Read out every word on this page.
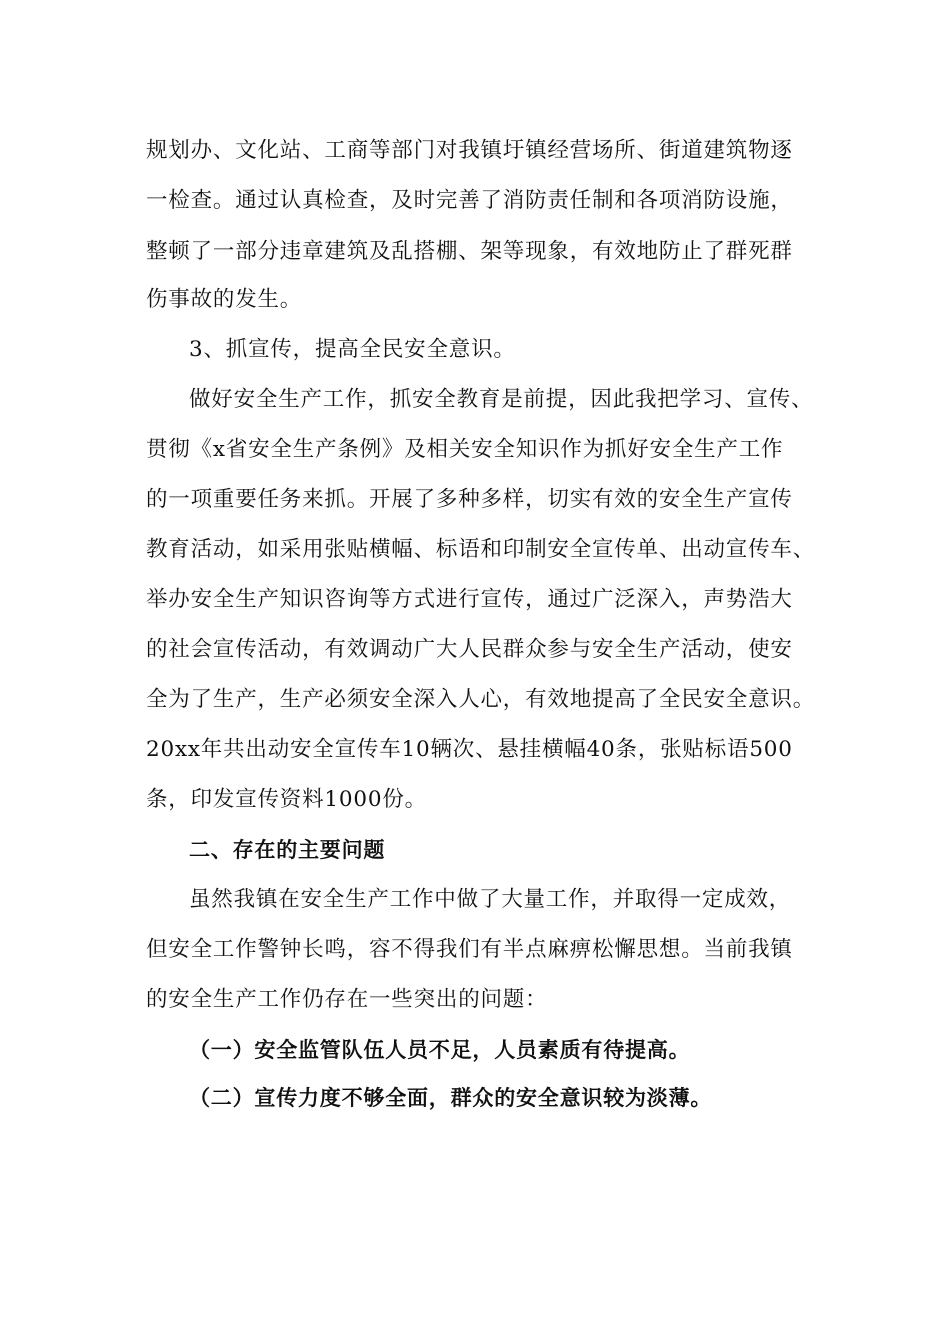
规划办、文化站、工商等部门对我镇圩镇经营场所、街道建筑物逐
一检查。通过认真检查，及时完善了消防责任制和各项消防设施，
整顿了一部分违章建筑及乱搭棚、架等现象，有效地防止了群死群
伤事故的发生。
3、抓宣传，提高全民安全意识。
做好安全生产工作，抓安全教育是前提，因此我把学习、宣传、
贯彻《x省安全生产条例》及相关安全知识作为抓好安全生产工作
的一项重要任务来抓。开展了多种多样，切实有效的安全生产宣传
教育活动，如采用张贴横幅、标语和印制安全宣传单、出动宣传车、
举办安全生产知识咨询等方式进行宣传，通过广泛深入，声势浩大
的社会宣传活动，有效调动广大人民群众参与安全生产活动，使安
全为了生产，生产必须安全深入人心，有效地提高了全民安全意识。
20xx年共出动安全宣传车10辆次、悬挂横幅40条，张贴标语500
条，印发宣传资料1000份。
二、存在的主要问题
虽然我镇在安全生产工作中做了大量工作，并取得一定成效，
但安全工作警钟长鸣，容不得我们有半点麻痹松懈思想。当前我镇
的安全生产工作仍存在一些突出的问题：
（一）安全监管队伍人员不足，人员素质有待提高。
（二）宣传力度不够全面，群众的安全意识较为淡薄。
